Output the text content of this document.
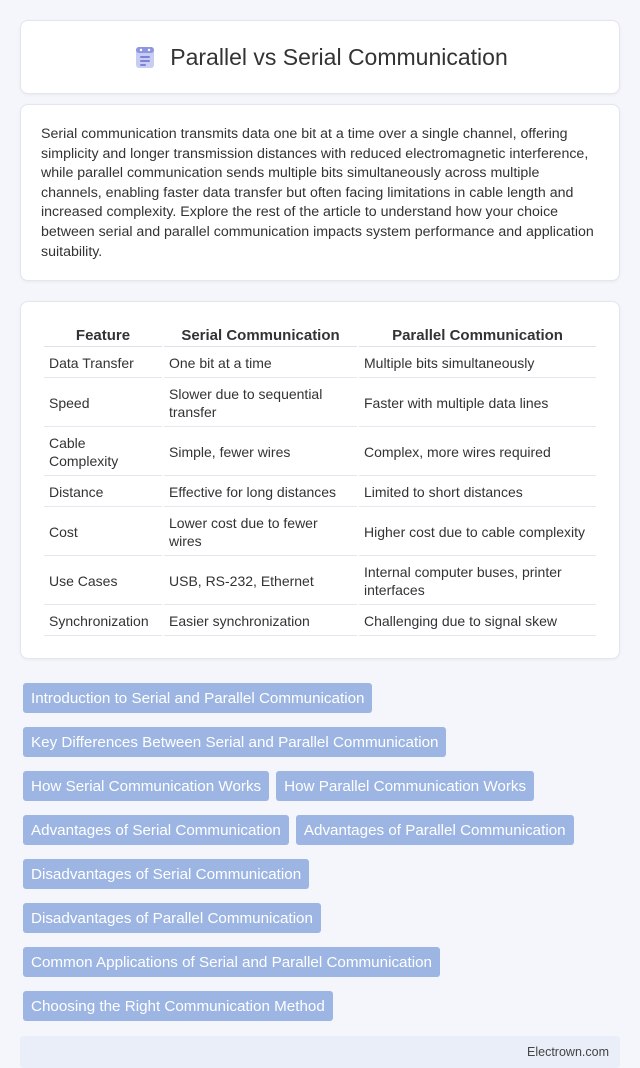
Parallel vs Serial Communication

Serial communication transmits data one bit at a time over a single channel, offering simplicity and longer transmission distances with reduced electromagnetic interference, while parallel communication sends multiple bits simultaneously across multiple channels, enabling faster data transfer but often facing limitations in cable length and increased complexity. Explore the rest of the article to understand how your choice between serial and parallel communication impacts system performance and application suitability.

Feature	Serial Communication	Parallel Communication
Data Transfer	One bit at a time	Multiple bits simultaneously
Speed	Slower due to sequential transfer	Faster with multiple data lines
Cable Complexity	Simple, fewer wires	Complex, more wires required
Distance	Effective for long distances	Limited to short distances
Cost	Lower cost due to fewer wires	Higher cost due to cable complexity
Use Cases	USB, RS-232, Ethernet	Internal computer buses, printer interfaces
Synchronization	Easier synchronization	Challenging due to signal skew
Introduction to Serial and Parallel Communication
Key Differences Between Serial and Parallel Communication
How Serial Communication Works	How Parallel Communication Works
Advantages of Serial Communication	Advantages of Parallel Communication
Disadvantages of Serial Communication
Disadvantages of Parallel Communication
Common Applications of Serial and Parallel Communication
Choosing the Right Communication Method
Electrown.com
